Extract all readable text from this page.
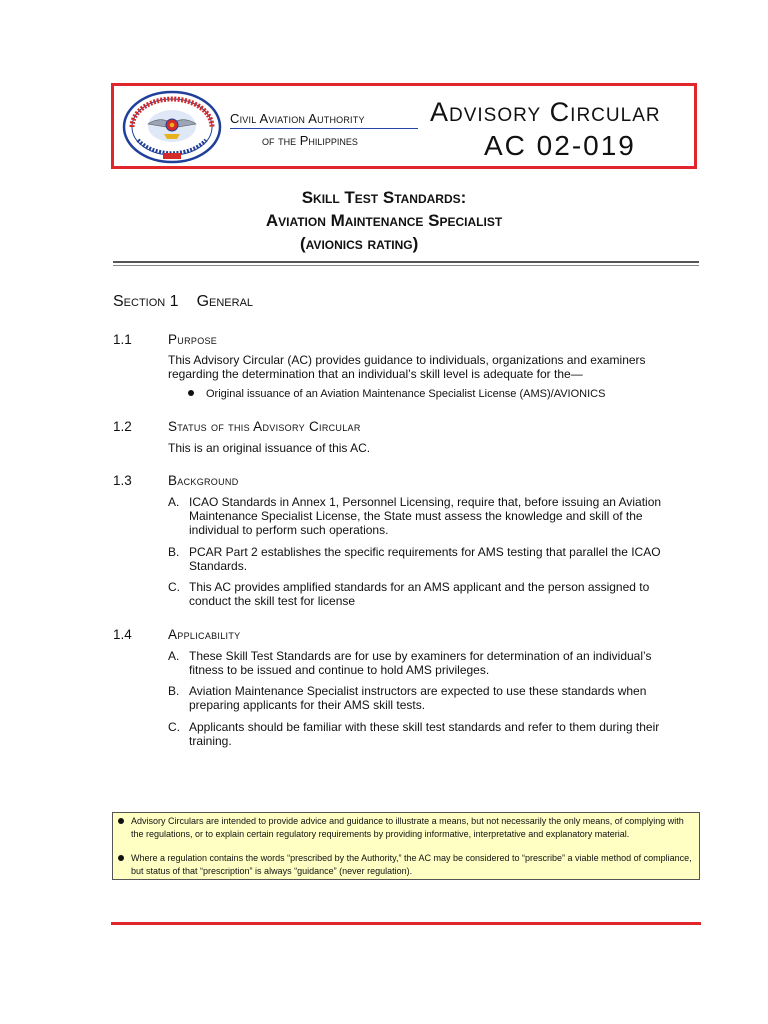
Civil Aviation Authority
of the Philippines
Advisory Circular
AC 02-019
Skill Test Standards:
Aviation Maintenance Specialist
(avionics rating)
Section 1 General
1.1	Purpose
This Advisory Circular (AC) provides guidance to individuals, organizations and examiners regarding the determination that an individual’s skill level is adequate for the—
Original issuance of an Aviation Maintenance Specialist License (AMS)/AVIONICS
1.2	Status of this Advisory Circular
This is an original issuance of this AC.
1.3	Background
A. ICAO Standards in Annex 1, Personnel Licensing, require that, before issuing an Aviation Maintenance Specialist License, the State must assess the knowledge and skill of the individual to perform such operations.
B. PCAR Part 2 establishes the specific requirements for AMS testing that parallel the ICAO Standards.
C. This AC provides amplified standards for an AMS applicant and the person assigned to conduct the skill test for license
1.4	Applicability
A. These Skill Test Standards are for use by examiners for determination of an individual’s fitness to be issued and continue to hold AMS privileges.
B. Aviation Maintenance Specialist instructors are expected to use these standards when preparing applicants for their AMS skill tests.
C. Applicants should be familiar with these skill test standards and refer to them during their training.
Advisory Circulars are intended to provide advice and guidance to illustrate a means, but not necessarily the only means, of complying with the regulations, or to explain certain regulatory requirements by providing informative, interpretative and explanatory material.
Where a regulation contains the words “prescribed by the Authority,” the AC may be considered to “prescribe” a viable method of compliance, but status of that “prescription” is always “guidance” (never regulation).
